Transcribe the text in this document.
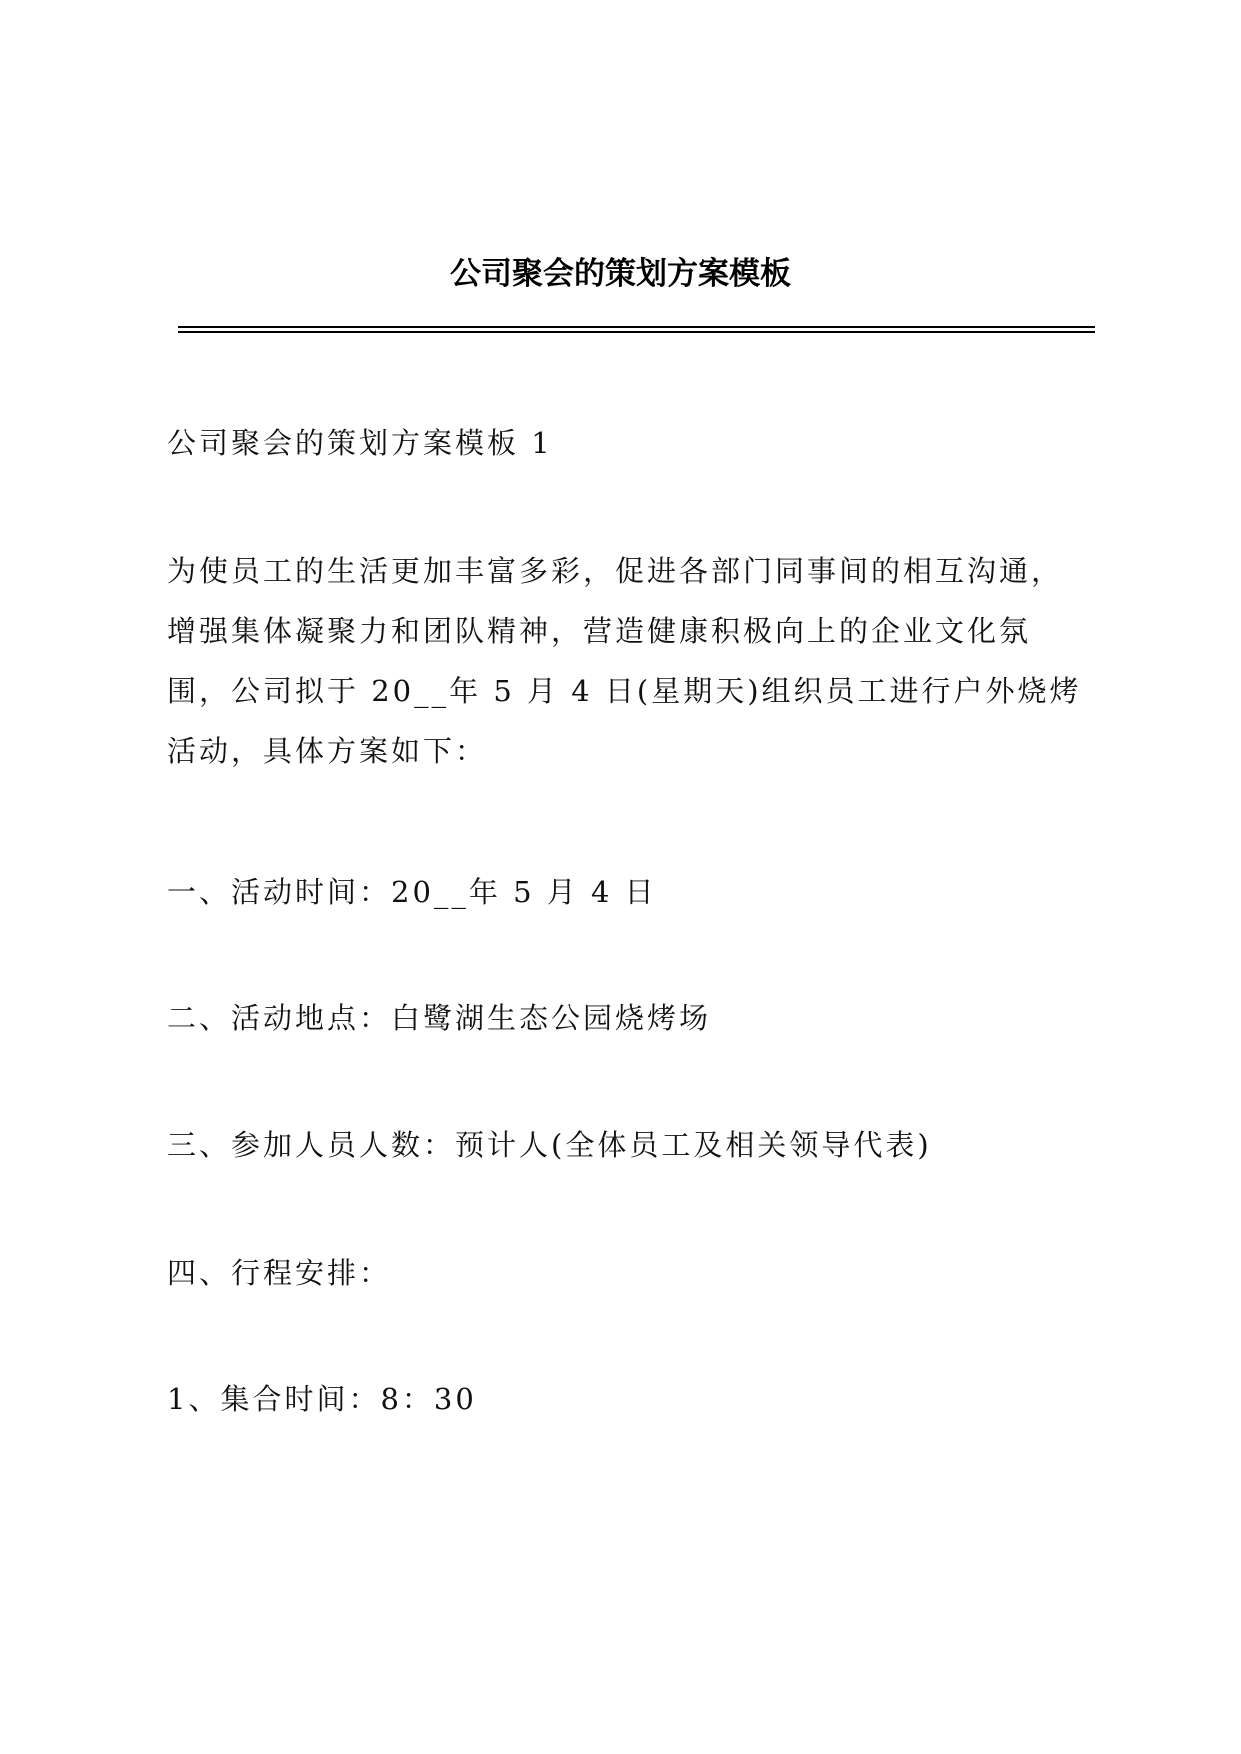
公司聚会的策划方案模板
公司聚会的策划方案模板 1
为使员工的生活更加丰富多彩，促进各部门同事间的相互沟通，
增强集体凝聚力和团队精神，营造健康积极向上的企业文化氛
围，公司拟于 20__年 5 月 4 日(星期天)组织员工进行户外烧烤
活动，具体方案如下：
一、活动时间：20__年 5 月 4 日
二、活动地点：白鹭湖生态公园烧烤场
三、参加人员人数：预计人(全体员工及相关领导代表)
四、行程安排：
1、集合时间：8：30
